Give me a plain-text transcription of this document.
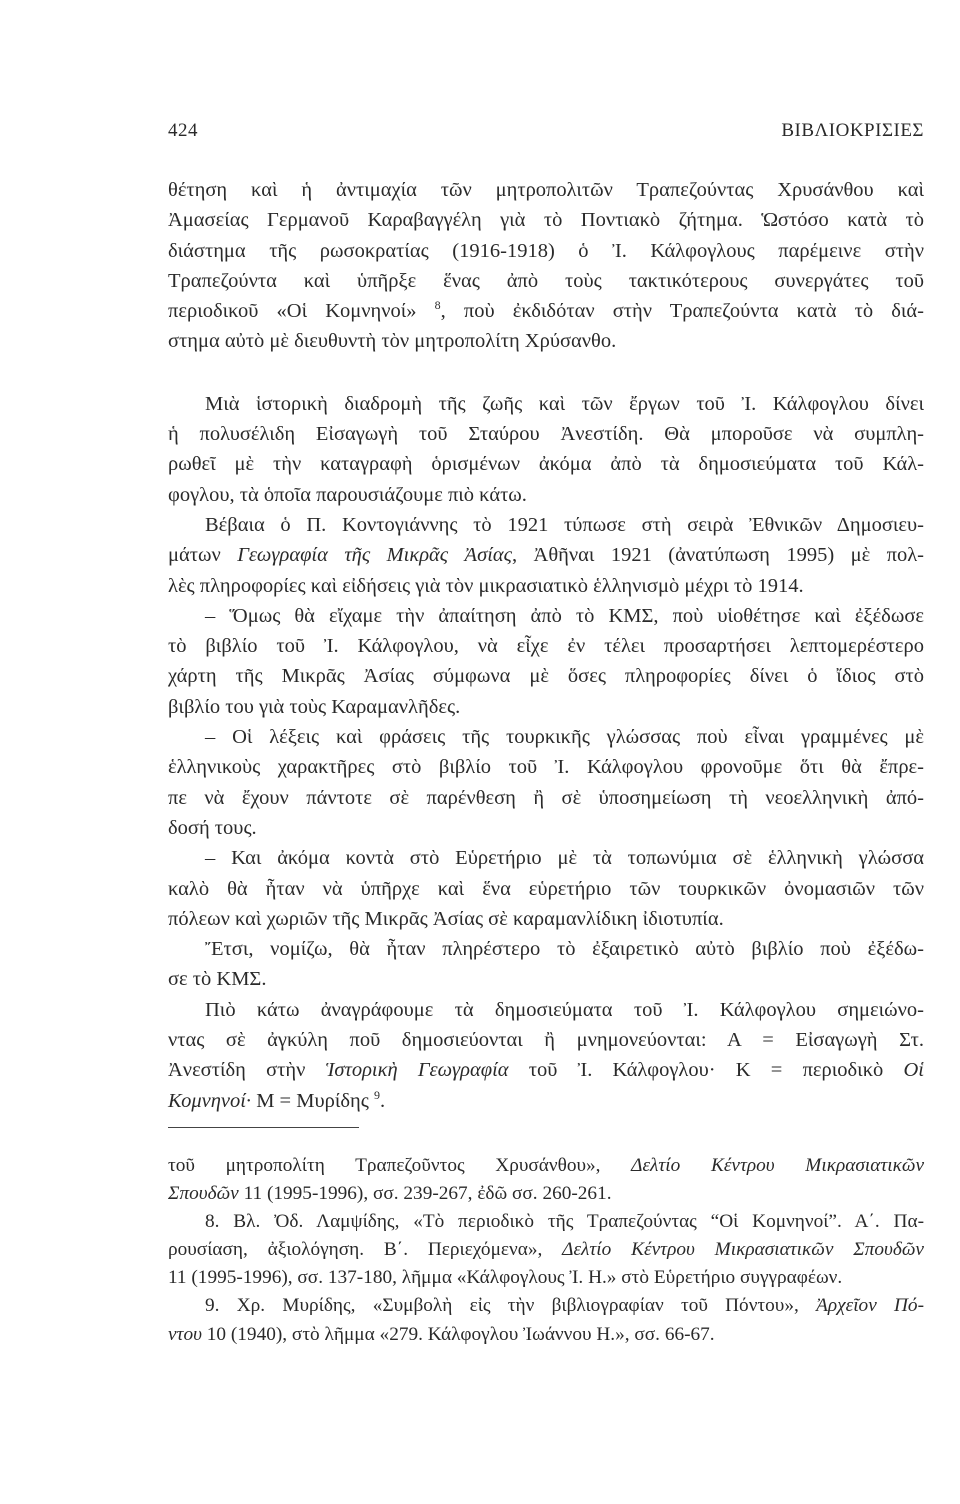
424	ΒΙΒΛΙΟΚΡΙΣΙΕΣ
θέτηση καὶ ἡ ἀντιμαχία τῶν μητροπολιτῶν Τραπεζούντας Χρυσάνθου καὶ
Ἀμασείας Γερμανοῦ Καραβαγγέλη γιὰ τὸ Ποντιακὸ ζήτημα. Ὡστόσο κατὰ τὸ
διάστημα τῆς ρωσοκρατίας (1916-1918) ὁ Ἰ. Κάλφογλους παρέμεινε στὴν
Τραπεζούντα καὶ ὑπῆρξε ἕνας ἀπὸ τοὺς τακτικότερους συνεργάτες τοῦ
περιοδικοῦ «Οἱ Κομνηνοί» $^8$, ποὺ ἐκδιδόταν στὴν Τραπεζούντα κατὰ τὸ διά-
στημα αὐτὸ μὲ διευθυντὴ τὸν μητροπολίτη Χρύσανθο.
Μιὰ ἱστορικὴ διαδρομὴ τῆς ζωῆς καὶ τῶν ἔργων τοῦ Ἰ. Κάλφογλου δίνει
ἡ πολυσέλιδη Εἰσαγωγὴ τοῦ Σταύρου Ἀνεστίδη. Θὰ μποροῦσε νὰ συμπλη-
ρωθεῖ μὲ τὴν καταγραφὴ ὁρισμένων ἀκόμα ἀπὸ τὰ δημοσιεύματα τοῦ Κάλ-
φογλου, τὰ ὁποῖα παρουσιάζουμε πιὸ κάτω.
Βέβαια ὁ Π. Κοντογιάννης τὸ 1921 τύπωσε στὴ σειρὰ Ἐθνικῶν Δημοσιευ-
μάτων Γεωγραφία τῆς Μικρᾶς Ἀσίας, Ἀθῆναι 1921 (ἀνατύπωση 1995) μὲ πολ-
λὲς πληροφορίες καὶ εἰδήσεις γιὰ τὸν μικρασιατικὸ ἑλληνισμὸ μέχρι τὸ 1914.
– Ὅμως θὰ εἴχαμε τὴν ἀπαίτηση ἀπὸ τὸ ΚΜΣ, ποὺ υἱοθέτησε καὶ ἐξέδωσε
τὸ βιβλίο τοῦ Ἰ. Κάλφογλου, νὰ εἶχε ἐν τέλει προσαρτήσει λεπτομερέστερο
χάρτη τῆς Μικρᾶς Ἀσίας σύμφωνα μὲ ὅσες πληροφορίες δίνει ὁ ἴδιος στὸ
βιβλίο του γιὰ τοὺς Καραμανλῆδες.
– Οἱ λέξεις καὶ φράσεις τῆς τουρκικῆς γλώσσας ποὺ εἶναι γραμμένες μὲ
ἑλληνικοὺς χαρακτῆρες στὸ βιβλίο τοῦ Ἰ. Κάλφογλου φρονοῦμε ὅτι θὰ ἔπρε-
πε νὰ ἔχουν πάντοτε σὲ παρένθεση ἢ σὲ ὑποσημείωση τὴ νεοελληνικὴ ἀπό-
δοσή τους.
– Και ἀκόμα κοντὰ στὸ Εὑρετήριο μὲ τὰ τοπωνύμια σὲ ἑλληνικὴ γλώσσα
καλὸ θὰ ἦταν νὰ ὑπῆρχε καὶ ἕνα εὑρετήριο τῶν τουρκικῶν ὀνομασιῶν τῶν
πόλεων καὶ χωριῶν τῆς Μικρᾶς Ἀσίας σὲ καραμανλίδικη ἰδιοτυπία.
Ἔτσι, νομίζω, θὰ ἦταν πληρέστερο τὸ ἐξαιρετικὸ αὐτὸ βιβλίο ποὺ ἐξέδω-
σε τὸ ΚΜΣ.
Πιὸ κάτω ἀναγράφουμε τὰ δημοσιεύματα τοῦ Ἰ. Κάλφογλου σημειώνο-
ντας σὲ ἀγκύλη ποῦ δημοσιεύονται ἢ μνημονεύονται: Α = Εἰσαγωγὴ Στ.
Ἀνεστίδη στὴν Ἱστορικὴ Γεωγραφία τοῦ Ἰ. Κάλφογλου· Κ = περιοδικὸ Οἱ
Κομνηνοί· Μ = Μυρίδης $^9$.
τοῦ μητροπολίτη Τραπεζοῦντος Χρυσάνθου», Δελτίο Κέντρου Μικρασιατικῶν
Σπουδῶν 11 (1995-1996), σσ. 239-267, ἐδῶ σσ. 260-261.
8. Βλ. Ὀδ. Λαμψίδης, «Τὸ περιοδικὸ τῆς Τραπεζούντας “Οἱ Κομνηνοί”. Α΄. Πα-
ρουσίαση, ἀξιολόγηση. Β΄. Περιεχόμενα», Δελτίο Κέντρου Μικρασιατικῶν Σπουδῶν
11 (1995-1996), σσ. 137-180, λῆμμα «Κάλφογλους Ἰ. Η.» στὸ Εὑρετήριο συγγραφέων.
9. Χρ. Μυρίδης, «Συμβολὴ εἰς τὴν βιβλιογραφίαν τοῦ Πόντου», Ἀρχεῖον Πό-
ντου 10 (1940), στὸ λῆμμα «279. Κάλφογλου Ἰωάννου Η.», σσ. 66-67.
